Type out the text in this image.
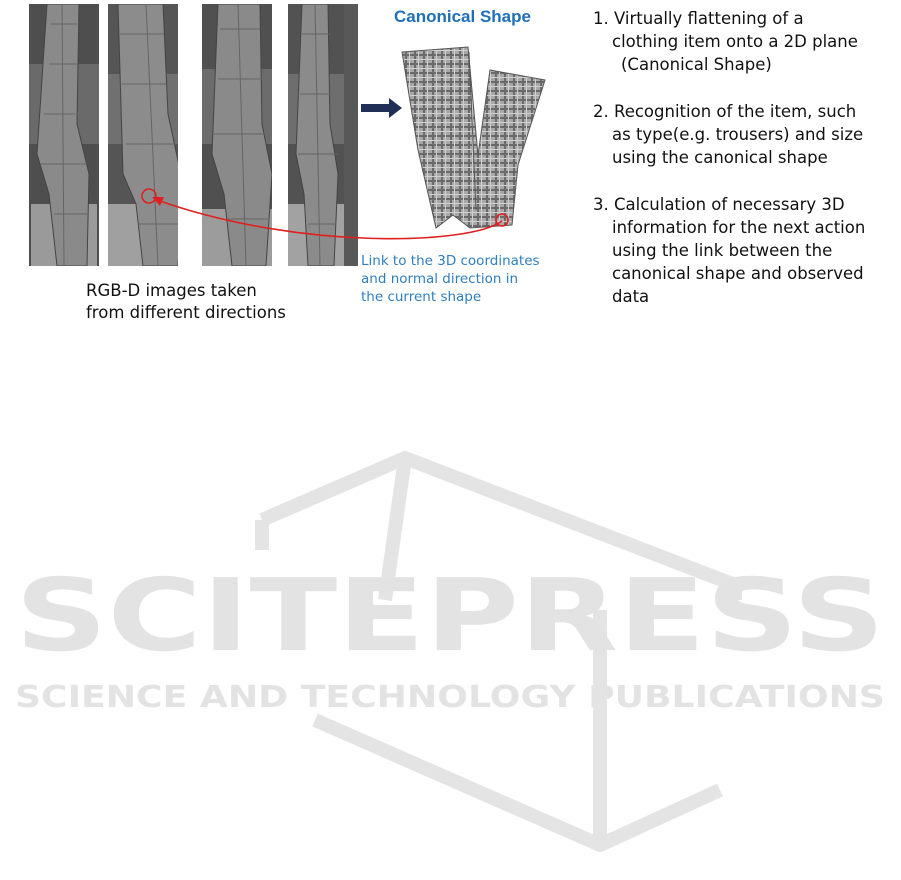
SCITEPRESS
SCIENCE AND TECHNOLOGY PUBLICATIONS
Canonical Shape
RGB-D images taken
from different directions
Link to the 3D coordinates
and normal direction in
the current shape
1. Virtually flattening of a
clothing item onto a 2D plane
(Canonical Shape)
2. Recognition of the item, such
as type(e.g. trousers) and size
using the canonical shape
3. Calculation of necessary 3D
information for the next action
using the link between the
canonical shape and observed
data
